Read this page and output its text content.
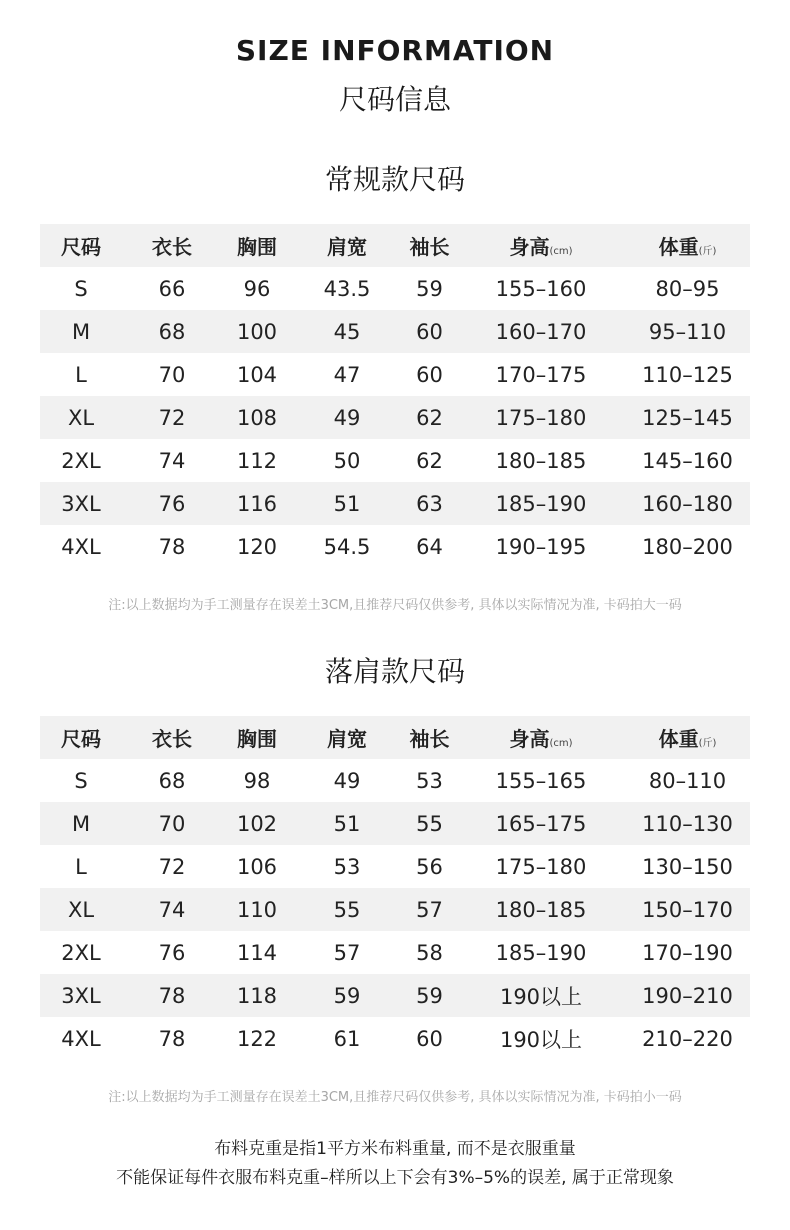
SIZE INFORMATION
尺码信息
常规款尺码
尺码	衣长	胸围	肩宽	袖长	身高(cm)	体重(斤)
S	66	96	43.5	59	155–160	80–95
M	68	100	45	60	160–170	95–110
L	70	104	47	60	170–175	110–125
XL	72	108	49	62	175–180	125–145
2XL	74	112	50	62	180–185	145–160
3XL	76	116	51	63	185–190	160–180
4XL	78	120	54.5	64	190–195	180–200
注:以上数据均为手工测量存在误差土3CM,且推荐尺码仅供参考, 具体以实际情况为准, 卡码拍大一码
落肩款尺码
尺码	衣长	胸围	肩宽	袖长	身高(cm)	体重(斤)
S	68	98	49	53	155–165	80–110
M	70	102	51	55	165–175	110–130
L	72	106	53	56	175–180	130–150
XL	74	110	55	57	180–185	150–170
2XL	76	114	57	58	185–190	170–190
3XL	78	118	59	59	190以上	190–210
4XL	78	122	61	60	190以上	210–220
注:以上数据均为手工测量存在误差土3CM,且推荐尺码仅供参考, 具体以实际情况为准, 卡码拍小一码
布料克重是指1平方米布料重量, 而不是衣服重量
不能保证每件衣服布料克重–样所以上下会有3%–5%的误差, 属于正常现象
